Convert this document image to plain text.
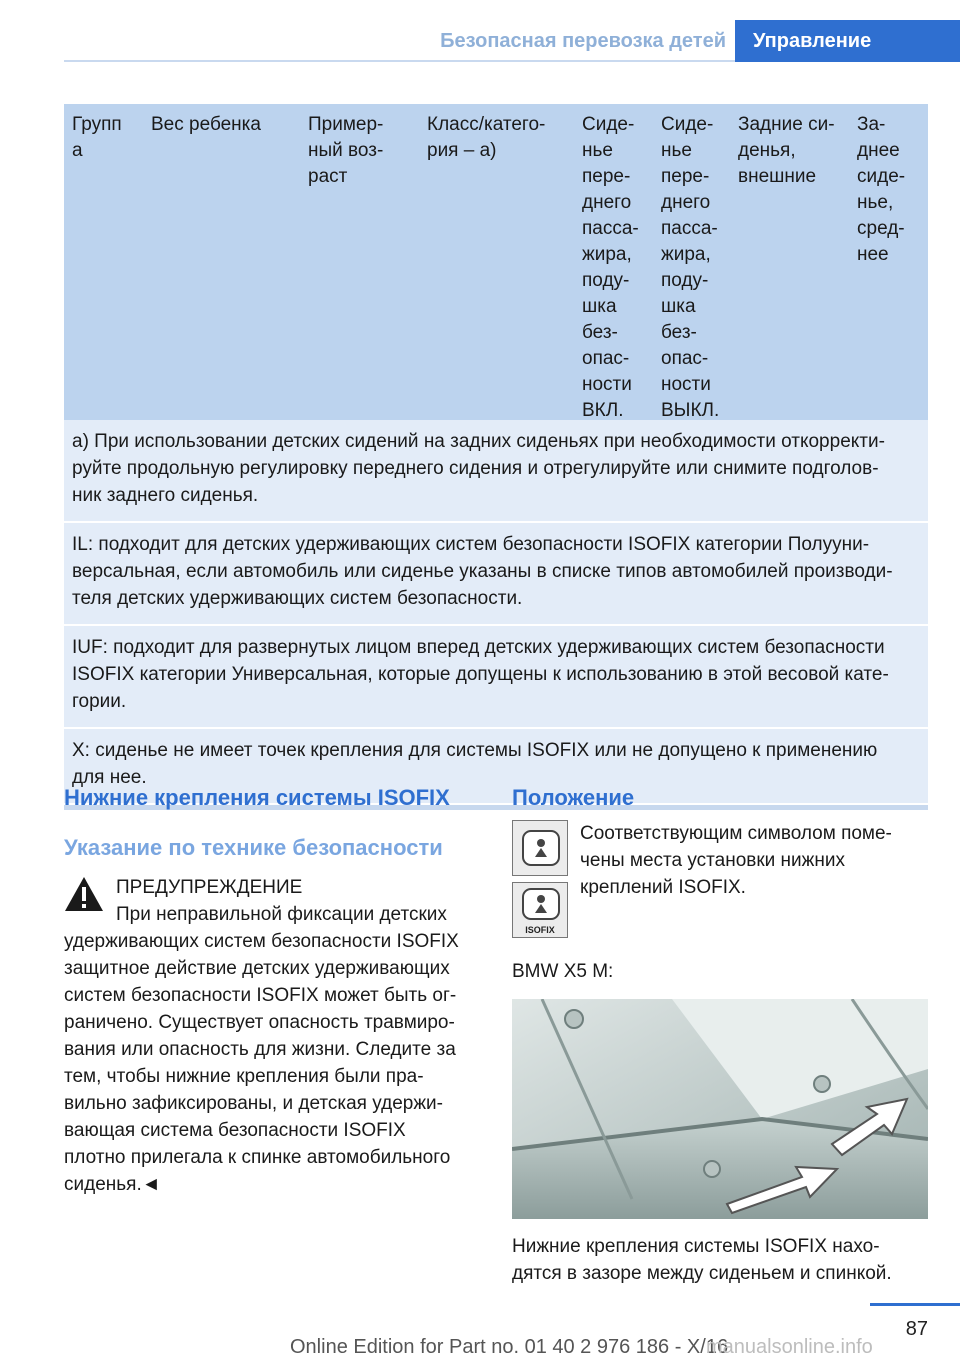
Безопасная перевозка детей	Управление
Групп
а
Вес ребенка	Пример-
ный воз-
раст
Класс/катего-
рия – а)
Сиде-
нье
пере-
днего
пасса-
жира,
поду-
шка
без-
опас-
ности
ВКЛ.
Сиде-
нье
пере-
днего
пасса-
жира,
поду-
шка
без-
опас-
ности
ВЫКЛ.
Задние си-
денья,
внешние
За-
днее
сиде-
нье,
сред-
нее
а) При использовании детских сидений на задних сиденьях при необходимости откорректи-
руйте продольную регулировку переднего сидения и отрегулируйте или снимите подголов-
ник заднего сиденья.
IL: подходит для детских удерживающих систем безопасности ISOFIX категории Полууни-
версальная, если автомобиль или сиденье указаны в списке типов автомобилей производи-
теля детских удерживающих систем безопасности.
IUF: подходит для развернутых лицом вперед детских удерживающих систем безопасности
ISOFIX категории Универсальная, которые допущены к использованию в этой весовой кате-
гории.
X: сиденье не имеет точек крепления для системы ISOFIX или не допущено к применению
для нее.
Нижние крепления системы ISOFIX
Указание по технике безопасности
ПРЕДУПРЕЖДЕНИЕ
При неправильной фиксации детских
удерживающих систем безопасности ISOFIX
защитное действие детских удерживающих
систем безопасности ISOFIX может быть ог-
раничено. Существует опасность травмиро-
вания или опасность для жизни. Следите за
тем, чтобы нижние крепления были пра-
вильно зафиксированы, и детская удержи-
вающая система безопасности ISOFIX
плотно прилегала к спинке автомобильного
сиденья.◄
Положение
ISOFIX
Соответствующим символом поме-
чены места установки нижних
креплений ISOFIX.
BMW X5 M:
Нижние крепления системы ISOFIX нахо-
дятся в зазоре между сиденьем и спинкой.
87
Online Edition for Part no. 01 40 2 976 186 - X/16
manualsonline.info
